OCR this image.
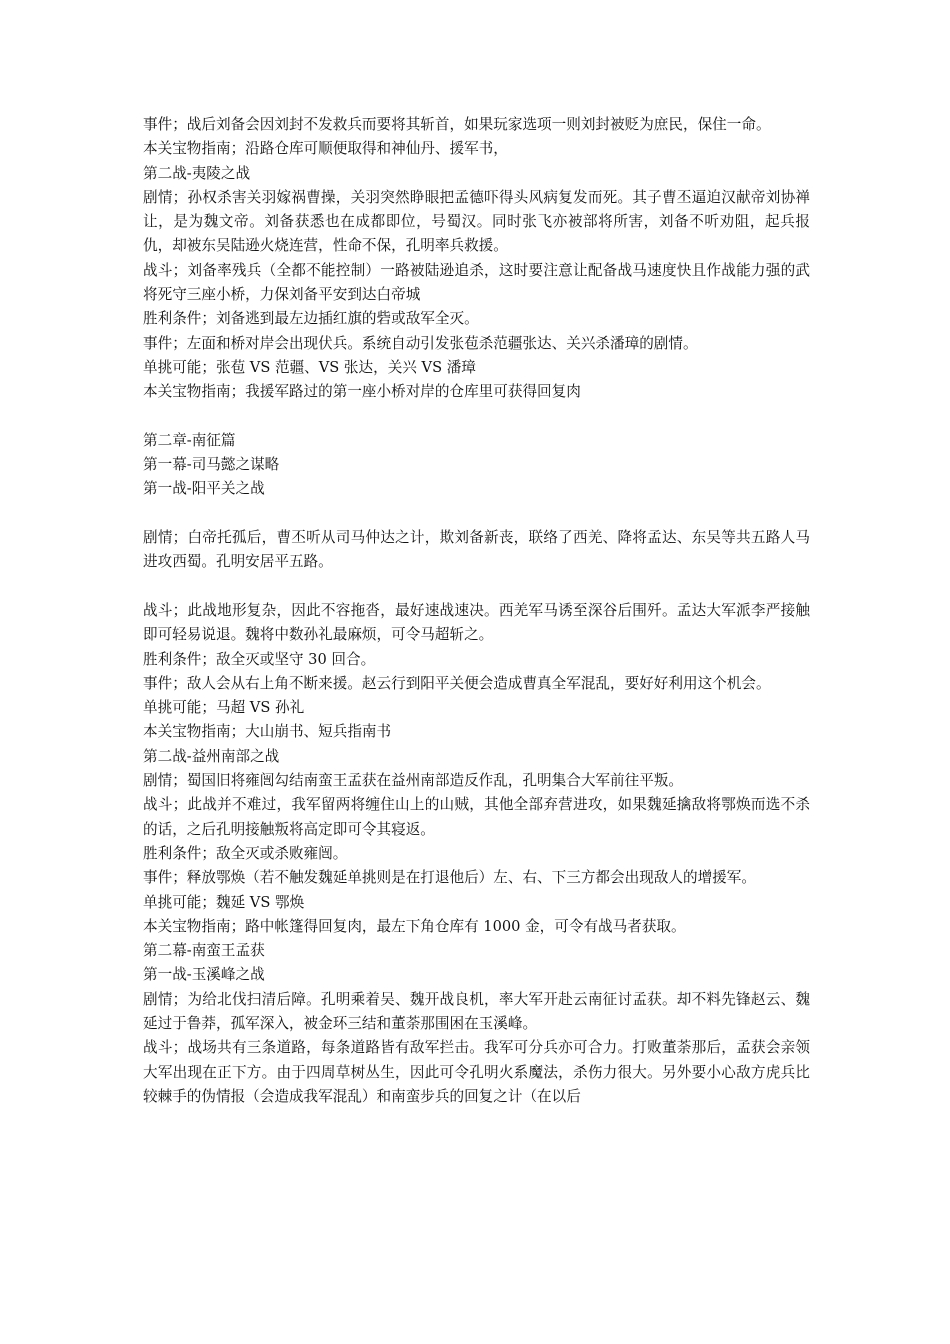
事件；战后刘备会因刘封不发救兵而要将其斩首，如果玩家选项一则刘封被贬为庶民，保住一命。

本关宝物指南；沿路仓库可顺便取得和神仙丹、援军书，

第二战-夷陵之战

剧情；孙权杀害关羽嫁祸曹操，关羽突然睁眼把孟德吓得头风病复发而死。其子曹丕逼迫汉献帝刘协禅让，是为魏文帝。刘备获悉也在成都即位，号蜀汉。同时张飞亦被部将所害，刘备不听劝阻，起兵报仇，却被东吴陆逊火烧连营，性命不保，孔明率兵救援。

战斗；刘备率残兵（全都不能控制）一路被陆逊追杀，这时要注意让配备战马速度快且作战能力强的武将死守三座小桥，力保刘备平安到达白帝城

胜利条件；刘备逃到最左边插红旗的砦或敌军全灭。

事件；左面和桥对岸会出现伏兵。系统自动引发张苞杀范疆张达、关兴杀潘璋的剧情。

单挑可能；张苞 VS 范疆、VS 张达，关兴 VS 潘璋

本关宝物指南；我援军路过的第一座小桥对岸的仓库里可获得回复肉

第二章-南征篇

第一幕-司马懿之谋略

第一战-阳平关之战

剧情；白帝托孤后，曹丕听从司马仲达之计，欺刘备新丧，联络了西羌、降将孟达、东吴等共五路人马进攻西蜀。孔明安居平五路。

战斗；此战地形复杂，因此不容拖沓，最好速战速决。西羌军马诱至深谷后围歼。孟达大军派李严接触即可轻易说退。魏将中数孙礼最麻烦，可令马超斩之。

胜利条件；敌全灭或坚守 30 回合。

事件；敌人会从右上角不断来援。赵云行到阳平关便会造成曹真全军混乱，要好好利用这个机会。

单挑可能；马超 VS 孙礼

本关宝物指南；大山崩书、短兵指南书

第二战-益州南部之战

剧情；蜀国旧将雍闿勾结南蛮王孟获在益州南部造反作乱，孔明集合大军前往平叛。

战斗；此战并不难过，我军留两将缠住山上的山贼，其他全部弃营进攻，如果魏延擒敌将鄂焕而选不杀的话，之后孔明接触叛将高定即可令其寝返。

胜利条件；敌全灭或杀败雍闿。

事件；释放鄂焕（若不触发魏延单挑则是在打退他后）左、右、下三方都会出现敌人的增援军。

单挑可能；魏延 VS 鄂焕

本关宝物指南；路中帐篷得回复肉，最左下角仓库有 1000 金，可令有战马者获取。

第二幕-南蛮王孟获

第一战-玉溪峰之战

剧情；为给北伐扫清后障。孔明乘着吴、魏开战良机，率大军开赴云南征讨孟获。却不料先锋赵云、魏延过于鲁莽，孤军深入，被金环三结和董荼那围困在玉溪峰。

战斗；战场共有三条道路，每条道路皆有敌军拦击。我军可分兵亦可合力。打败董荼那后，孟获会亲领大军出现在正下方。由于四周草树丛生，因此可令孔明火系魔法，杀伤力很大。另外要小心敌方虎兵比较棘手的伪情报（会造成我军混乱）和南蛮步兵的回复之计（在以后
